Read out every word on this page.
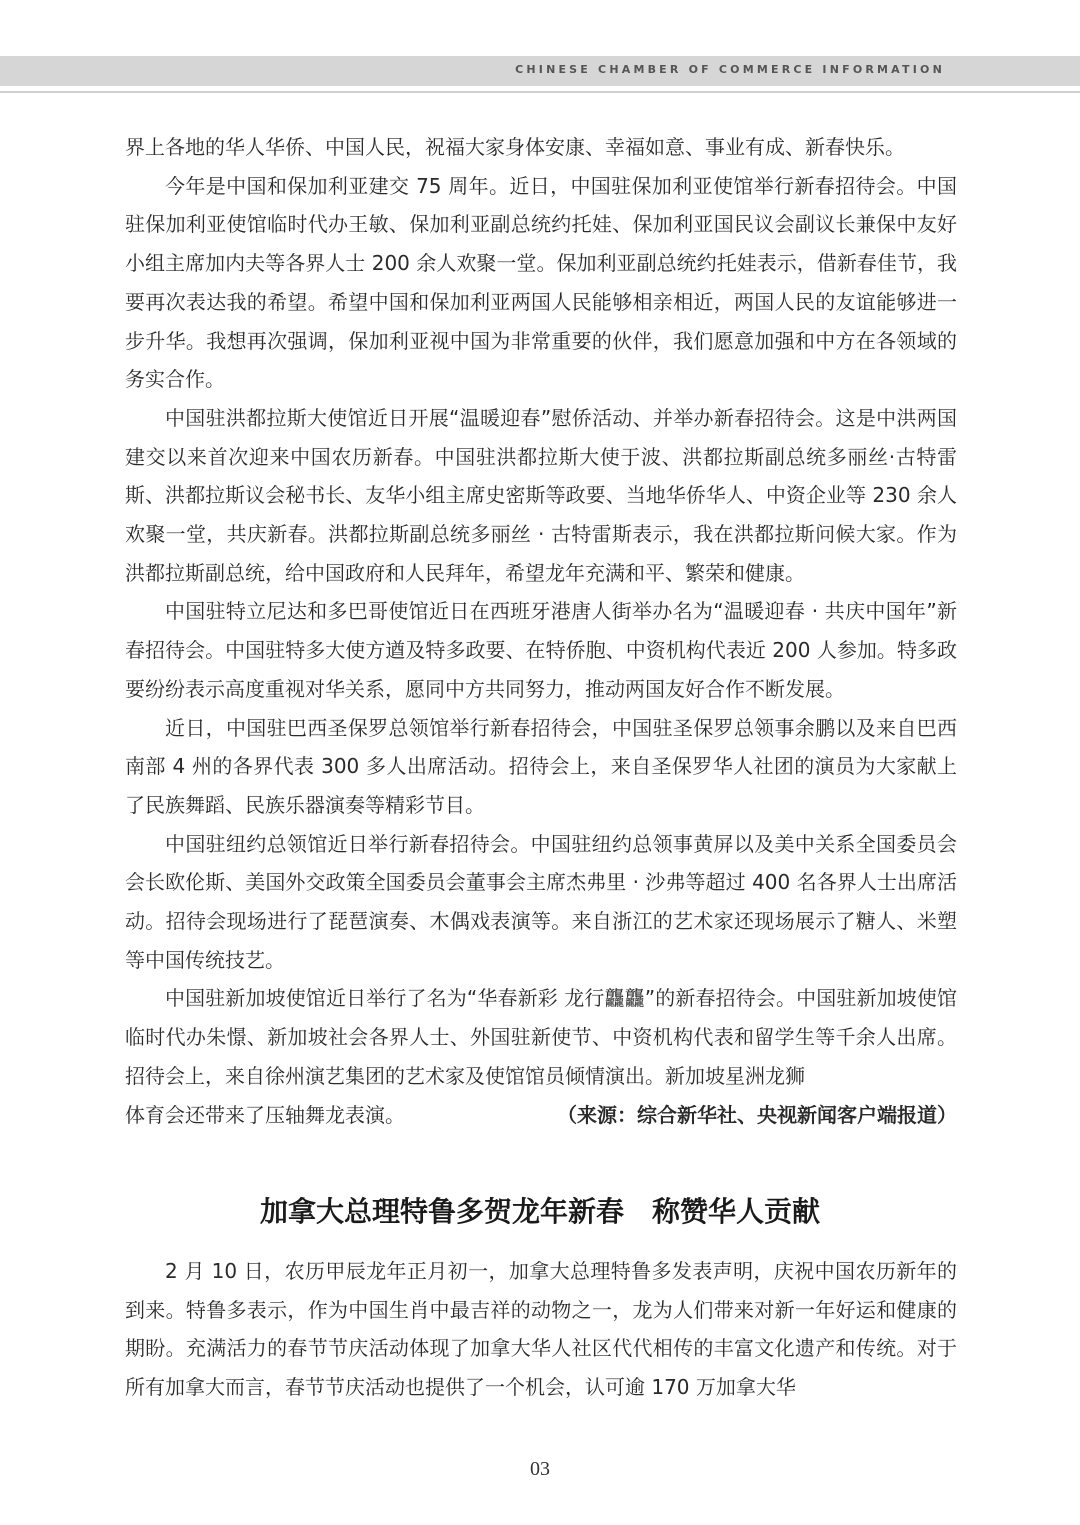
CHINESE CHAMBER OF COMMERCE INFORMATION

界上各地的华人华侨、中国人民，祝福大家身体安康、幸福如意、事业有成、新春快乐。

今年是中国和保加利亚建交 75 周年。近日，中国驻保加利亚使馆举行新春招待会。中国驻保加利亚使馆临时代办王敏、保加利亚副总统约托娃、保加利亚国民议会副议长兼保中友好小组主席加内夫等各界人士 200 余人欢聚一堂。保加利亚副总统约托娃表示，借新春佳节，我要再次表达我的希望。希望中国和保加利亚两国人民能够相亲相近，两国人民的友谊能够进一步升华。我想再次强调，保加利亚视中国为非常重要的伙伴，我们愿意加强和中方在各领域的务实合作。

中国驻洪都拉斯大使馆近日开展“温暖迎春”慰侨活动、并举办新春招待会。这是中洪两国建交以来首次迎来中国农历新春。中国驻洪都拉斯大使于波、洪都拉斯副总统多丽丝·古特雷斯、洪都拉斯议会秘书长、友华小组主席史密斯等政要、当地华侨华人、中资企业等 230 余人欢聚一堂，共庆新春。洪都拉斯副总统多丽丝 · 古特雷斯表示，我在洪都拉斯问候大家。作为洪都拉斯副总统，给中国政府和人民拜年，希望龙年充满和平、繁荣和健康。

中国驻特立尼达和多巴哥使馆近日在西班牙港唐人街举办名为“温暖迎春 · 共庆中国年”新春招待会。中国驻特多大使方遒及特多政要、在特侨胞、中资机构代表近 200 人参加。特多政要纷纷表示高度重视对华关系，愿同中方共同努力，推动两国友好合作不断发展。

近日，中国驻巴西圣保罗总领馆举行新春招待会，中国驻圣保罗总领事余鹏以及来自巴西南部 4 州的各界代表 300 多人出席活动。招待会上，来自圣保罗华人社团的演员为大家献上了民族舞蹈、民族乐器演奏等精彩节目。

中国驻纽约总领馆近日举行新春招待会。中国驻纽约总领事黄屏以及美中关系全国委员会会长欧伦斯、美国外交政策全国委员会董事会主席杰弗里 · 沙弗等超过 400 名各界人士出席活动。招待会现场进行了琵琶演奏、木偶戏表演等。来自浙江的艺术家还现场展示了糖人、米塑等中国传统技艺。

中国驻新加坡使馆近日举行了名为“华春新彩 龙行龘龘”的新春招待会。中国驻新加坡使馆临时代办朱憬、新加坡社会各界人士、外国驻新使节、中资机构代表和留学生等千余人出席。招待会上，来自徐州演艺集团的艺术家及使馆馆员倾情演出。新加坡星洲龙狮

体育会还带来了压轴舞龙表演。	（来源：综合新华社、央视新闻客户端报道）
加拿大总理特鲁多贺龙年新春　称赞华人贡献

2 月 10 日，农历甲辰龙年正月初一，加拿大总理特鲁多发表声明，庆祝中国农历新年的到来。特鲁多表示，作为中国生肖中最吉祥的动物之一，龙为人们带来对新一年好运和健康的期盼。充满活力的春节节庆活动体现了加拿大华人社区代代相传的丰富文化遗产和传统。对于所有加拿大而言，春节节庆活动也提供了一个机会，认可逾 170 万加拿大华

03
